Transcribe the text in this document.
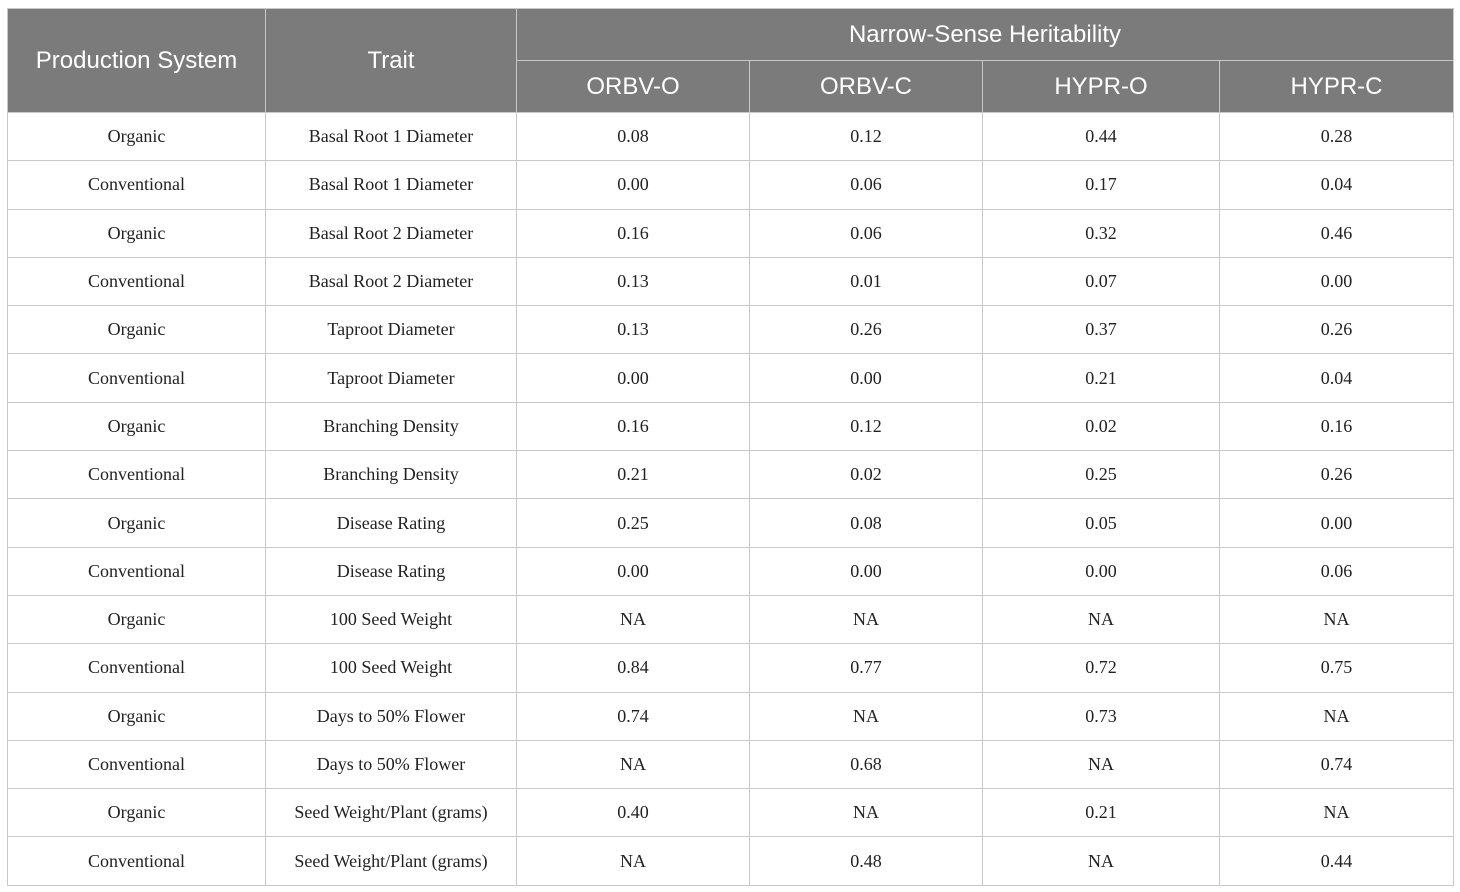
Production System	Trait	Narrow-Sense Heritability			
		ORBV-O	ORBV-C	HYPR-O	HYPR-C
Organic	Basal Root 1 Diameter	0.08	0.12	0.44	0.28
Conventional	Basal Root 1 Diameter	0.00	0.06	0.17	0.04
Organic	Basal Root 2 Diameter	0.16	0.06	0.32	0.46
Conventional	Basal Root 2 Diameter	0.13	0.01	0.07	0.00
Organic	Taproot Diameter	0.13	0.26	0.37	0.26
Conventional	Taproot Diameter	0.00	0.00	0.21	0.04
Organic	Branching Density	0.16	0.12	0.02	0.16
Conventional	Branching Density	0.21	0.02	0.25	0.26
Organic	Disease Rating	0.25	0.08	0.05	0.00
Conventional	Disease Rating	0.00	0.00	0.00	0.06
Organic	100 Seed Weight	NA	NA	NA	NA
Conventional	100 Seed Weight	0.84	0.77	0.72	0.75
Organic	Days to 50% Flower	0.74	NA	0.73	NA
Conventional	Days to 50% Flower	NA	0.68	NA	0.74
Organic	Seed Weight/Plant (grams)	0.40	NA	0.21	NA
Conventional	Seed Weight/Plant (grams)	NA	0.48	NA	0.44
